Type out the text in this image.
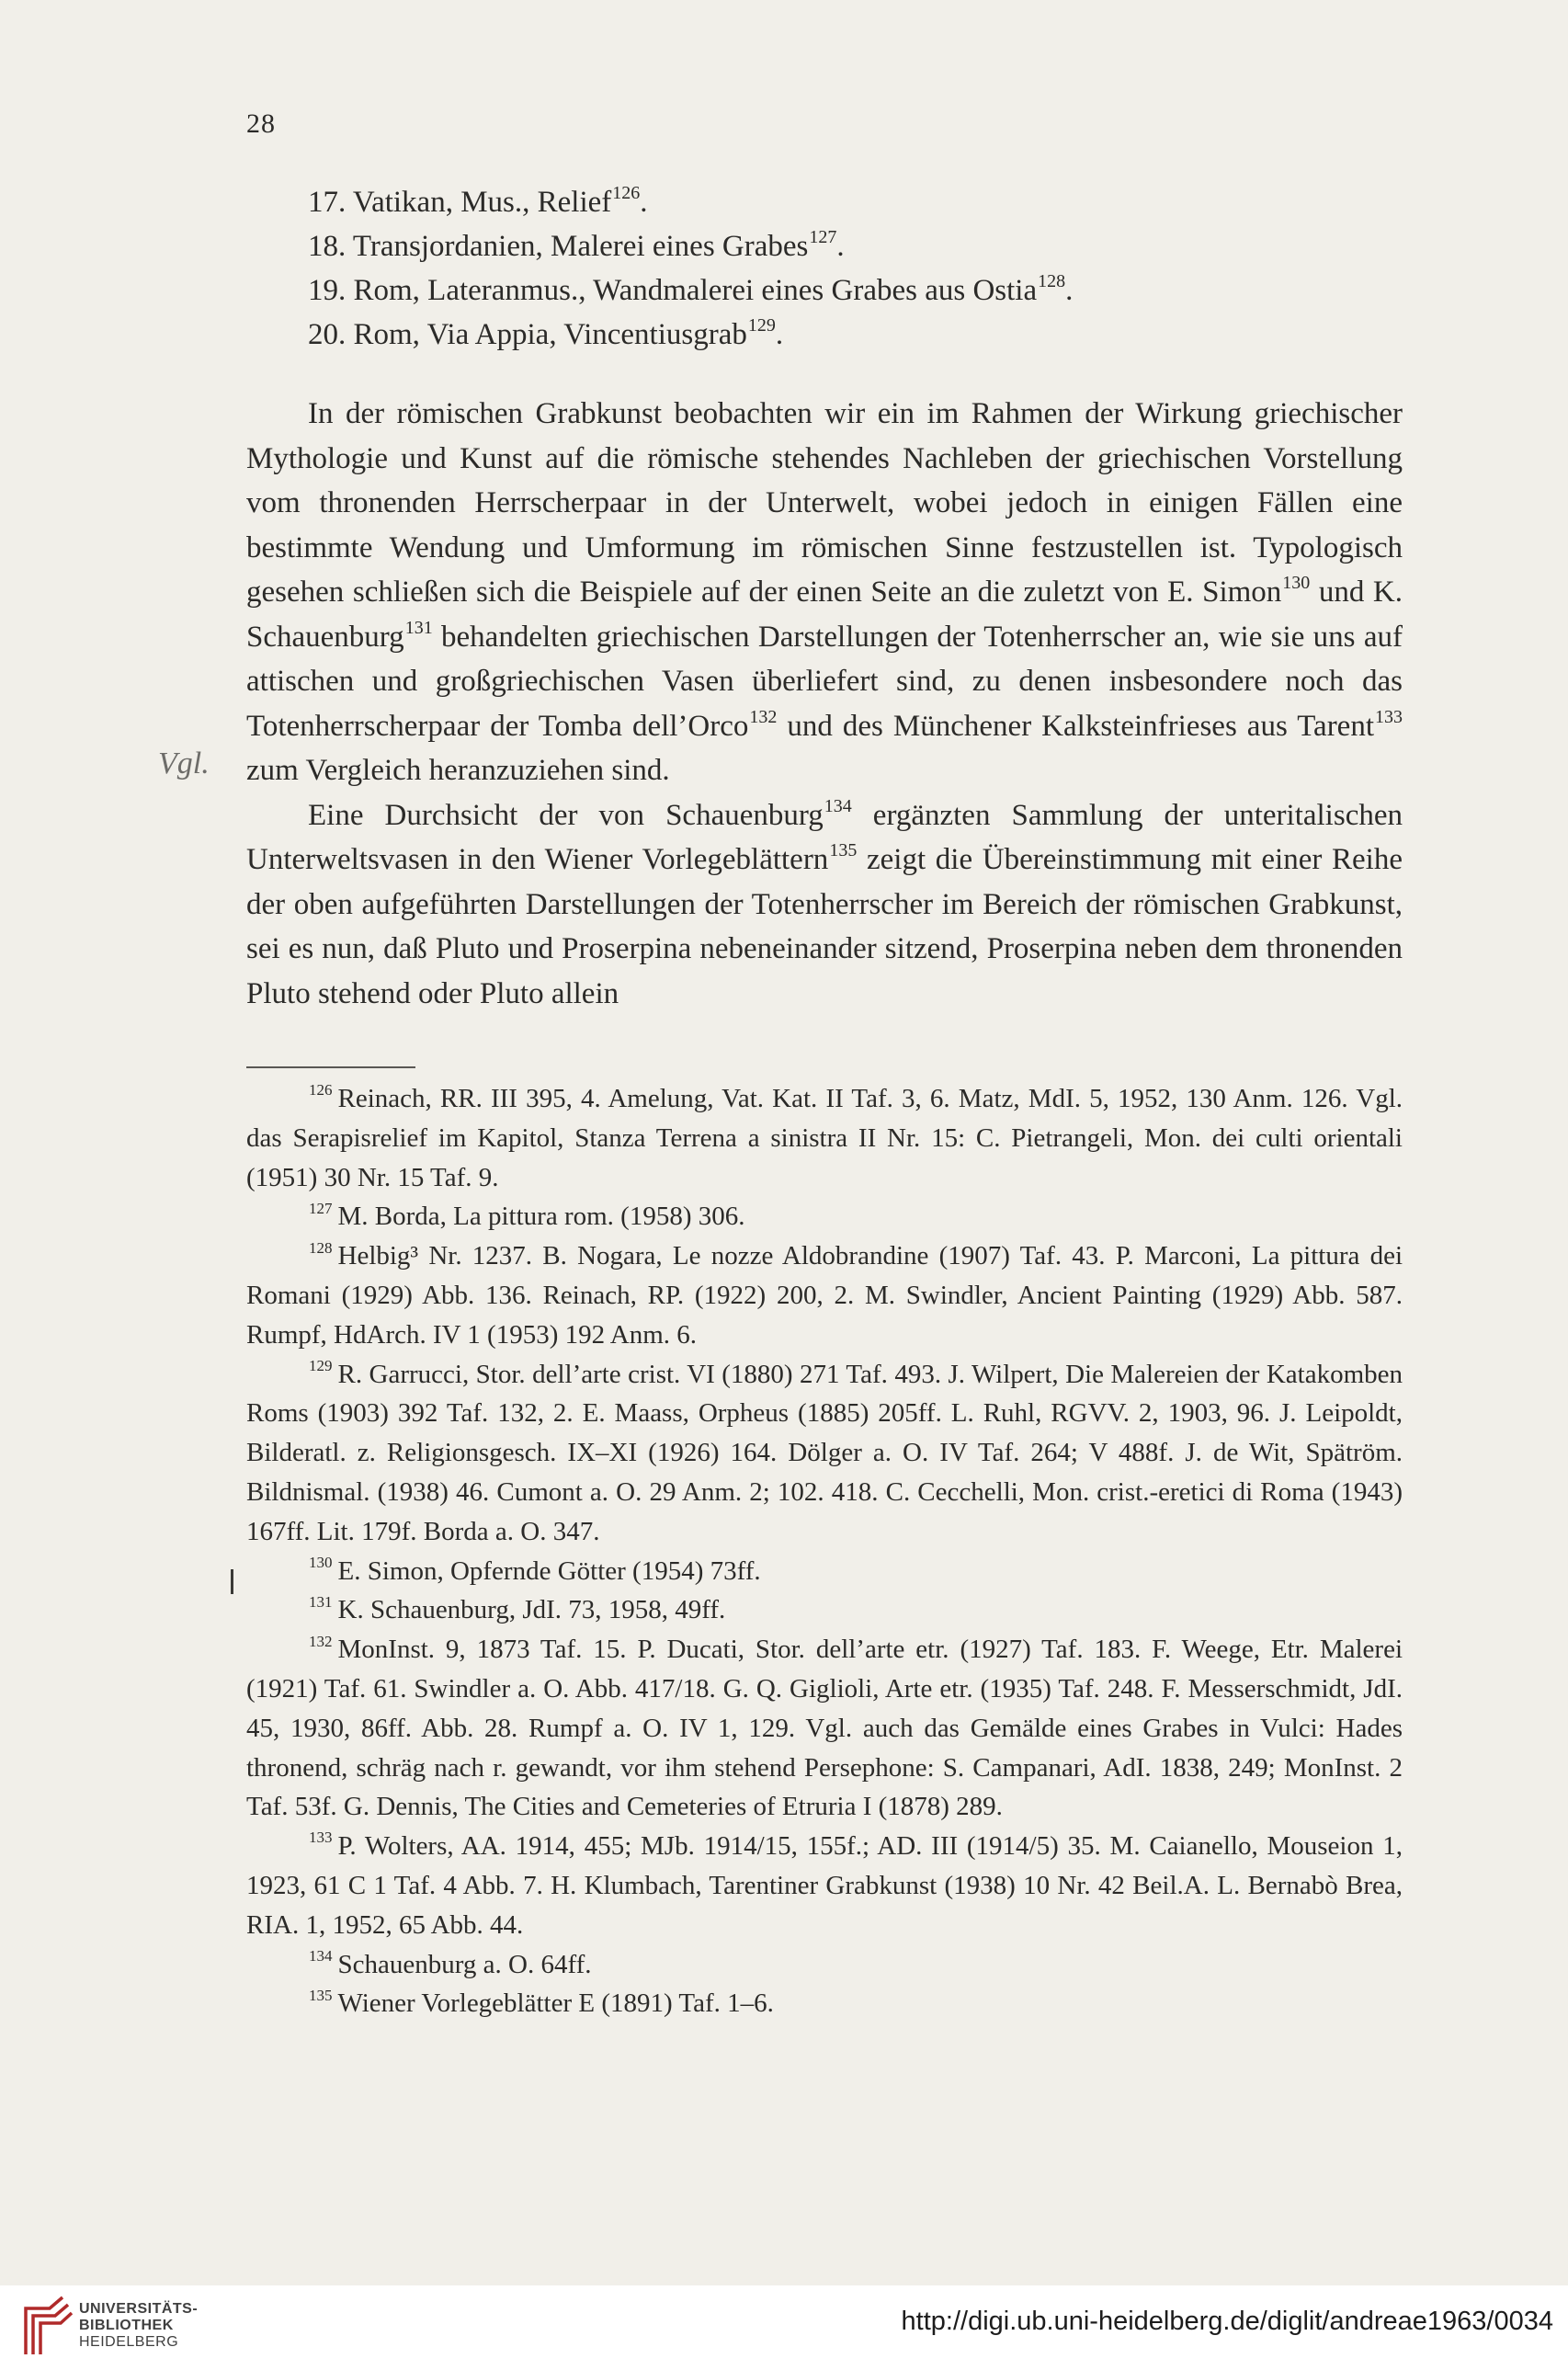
28
17. Vatikan, Mus., Relief$^{126}$.
18. Transjordanien, Malerei eines Grabes$^{127}$.
19. Rom, Lateranmus., Wandmalerei eines Grabes aus Ostia$^{128}$.
20. Rom, Via Appia, Vincentiusgrab$^{129}$.

In der römischen Grabkunst beobachten wir ein im Rahmen der Wirkung griechischer Mythologie und Kunst auf die römische stehendes Nachleben der griechischen Vorstellung vom thronenden Herrscherpaar in der Unterwelt, wobei jedoch in einigen Fällen eine bestimmte Wendung und Umformung im römischen Sinne festzustellen ist. Typologisch gesehen schließen sich die Beispiele auf der einen Seite an die zuletzt von E. Simon$^{130}$ und K. Schauenburg$^{131}$ behandelten griechischen Darstellungen der Totenherrscher an, wie sie uns auf attischen und großgriechischen Vasen überliefert sind, zu denen insbesondere noch das Totenherrscherpaar der Tomba dell’Orco$^{132}$ und des Münchener Kalksteinfrieses aus Tarent$^{133}$ zum Vergleich heranzuziehen sind.

Eine Durchsicht der von Schauenburg$^{134}$ ergänzten Sammlung der unteritalischen Unterweltsvasen in den Wiener Vorlegeblättern$^{135}$ zeigt die Übereinstimmung mit einer Reihe der oben aufgeführten Darstellungen der Totenherrscher im Bereich der römischen Grabkunst, sei es nun, daß Pluto und Proserpina nebeneinander sitzend, Proserpina neben dem thronenden Pluto stehend oder Pluto allein

Vgl.

$^{126}$ Reinach, RR. III 395, 4. Amelung, Vat. Kat. II Taf. 3, 6. Matz, MdI. 5, 1952, 130 Anm. 126. Vgl. das Serapisrelief im Kapitol, Stanza Terrena a sinistra II Nr. 15: C. Pietrangeli, Mon. dei culti orientali (1951) 30 Nr. 15 Taf. 9.

$^{127}$ M. Borda, La pittura rom. (1958) 306.

$^{128}$ Helbig³ Nr. 1237. B. Nogara, Le nozze Aldobrandine (1907) Taf. 43. P. Marconi, La pittura dei Romani (1929) Abb. 136. Reinach, RP. (1922) 200, 2. M. Swindler, Ancient Painting (1929) Abb. 587. Rumpf, HdArch. IV 1 (1953) 192 Anm. 6.

$^{129}$ R. Garrucci, Stor. dell’arte crist. VI (1880) 271 Taf. 493. J. Wilpert, Die Malereien der Katakomben Roms (1903) 392 Taf. 132, 2. E. Maass, Orpheus (1885) 205ff. L. Ruhl, RGVV. 2, 1903, 96. J. Leipoldt, Bilderatl. z. Religionsgesch. IX–XI (1926) 164. Dölger a. O. IV Taf. 264; V 488f. J. de Wit, Spätröm. Bildnismal. (1938) 46. Cumont a. O. 29 Anm. 2; 102. 418. C. Cecchelli, Mon. crist.-eretici di Roma (1943) 167ff. Lit. 179f. Borda a. O. 347.

$^{130}$ E. Simon, Opfernde Götter (1954) 73ff.

$^{131}$ K. Schauenburg, JdI. 73, 1958, 49ff.

$^{132}$ MonInst. 9, 1873 Taf. 15. P. Ducati, Stor. dell’arte etr. (1927) Taf. 183. F. Weege, Etr. Malerei (1921) Taf. 61. Swindler a. O. Abb. 417/18. G. Q. Giglioli, Arte etr. (1935) Taf. 248. F. Messerschmidt, JdI. 45, 1930, 86ff. Abb. 28. Rumpf a. O. IV 1, 129. Vgl. auch das Gemälde eines Grabes in Vulci: Hades thronend, schräg nach r. gewandt, vor ihm stehend Persephone: S. Campanari, AdI. 1838, 249; MonInst. 2 Taf. 53f. G. Dennis, The Cities and Cemeteries of Etruria I (1878) 289.

$^{133}$ P. Wolters, AA. 1914, 455; MJb. 1914/15, 155f.; AD. III (1914/5) 35. M. Caianello, Mouseion 1, 1923, 61 C 1 Taf. 4 Abb. 7. H. Klumbach, Tarentiner Grabkunst (1938) 10 Nr. 42 Beil.A. L. Bernabò Brea, RIA. 1, 1952, 65 Abb. 44.

$^{134}$ Schauenburg a. O. 64ff.

$^{135}$ Wiener Vorlegeblätter E (1891) Taf. 1–6.

UNIVERSITÄTS-
BIBLIOTHEK
HEIDELBERG
http://digi.ub.uni-heidelberg.de/diglit/andreae1963/0034
